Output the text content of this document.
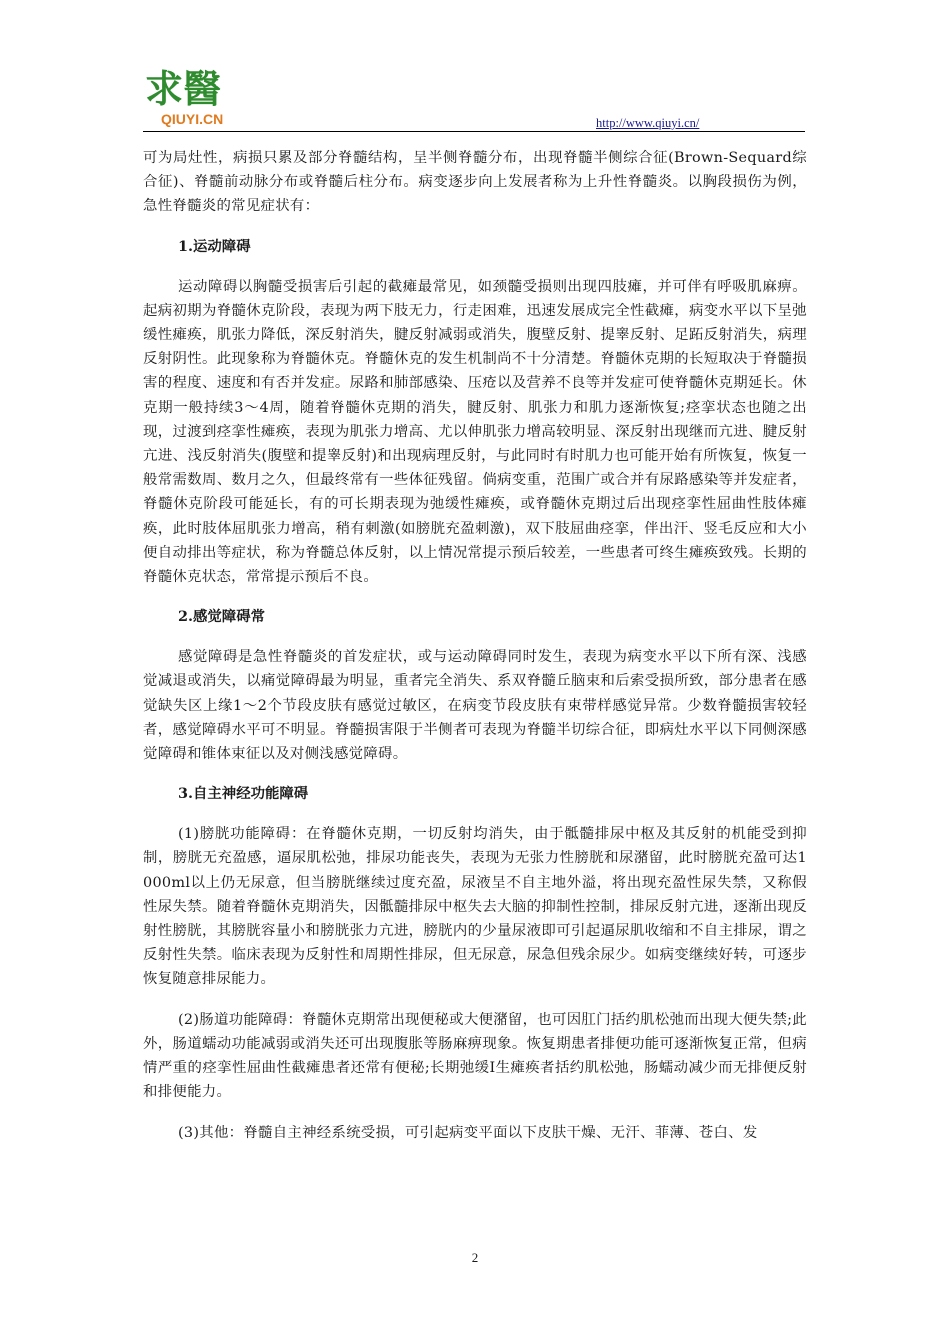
求醫
QIUYI.CN	http://www.qiuyi.cn/

可为局灶性，病损只累及部分脊髓结构，呈半侧脊髓分布，出现脊髓半侧综合征(Brown-Sequard综合征)、脊髓前动脉分布或脊髓后柱分布。病变逐步向上发展者称为上升性脊髓炎。以胸段损伤为例，急性脊髓炎的常见症状有：

1.运动障碍

运动障碍以胸髓受损害后引起的截瘫最常见，如颈髓受损则出现四肢瘫，并可伴有呼吸肌麻痹。起病初期为脊髓休克阶段，表现为两下肢无力，行走困难，迅速发展成完全性截瘫，病变水平以下呈弛缓性瘫痪，肌张力降低，深反射消失，腱反射减弱或消失，腹壁反射、提睾反射、足跖反射消失，病理反射阴性。此现象称为脊髓休克。脊髓休克的发生机制尚不十分清楚。脊髓休克期的长短取决于脊髓损害的程度、速度和有否并发症。尿路和肺部感染、压疮以及营养不良等并发症可使脊髓休克期延长。休克期一般持续3～4周，随着脊髓休克期的消失，腱反射、肌张力和肌力逐渐恢复;痉挛状态也随之出现，过渡到痉挛性瘫痪，表现为肌张力增高、尤以伸肌张力增高较明显、深反射出现继而亢进、腱反射亢进、浅反射消失(腹壁和提睾反射)和出现病理反射，与此同时有时肌力也可能开始有所恢复，恢复一般常需数周、数月之久，但最终常有一些体征残留。倘病变重，范围广或合并有尿路感染等并发症者，脊髓休克阶段可能延长，有的可长期表现为弛缓性瘫痪，或脊髓休克期过后出现痉挛性屈曲性肢体瘫痪，此时肢体屈肌张力增高，稍有刺激(如膀胱充盈刺激)，双下肢屈曲痉挛，伴出汗、竖毛反应和大小便自动排出等症状，称为脊髓总体反射，以上情况常提示预后较差，一些患者可终生瘫痪致残。长期的脊髓休克状态，常常提示预后不良。

2.感觉障碍常

感觉障碍是急性脊髓炎的首发症状，或与运动障碍同时发生，表现为病变水平以下所有深、浅感觉减退或消失，以痛觉障碍最为明显，重者完全消失、系双脊髓丘脑束和后索受损所致，部分患者在感觉缺失区上缘1～2个节段皮肤有感觉过敏区，在病变节段皮肤有束带样感觉异常。少数脊髓损害较轻者，感觉障碍水平可不明显。脊髓损害限于半侧者可表现为脊髓半切综合征，即病灶水平以下同侧深感觉障碍和锥体束征以及对侧浅感觉障碍。

3.自主神经功能障碍

(1)膀胱功能障碍：在脊髓休克期，一切反射均消失，由于骶髓排尿中枢及其反射的机能受到抑制，膀胱无充盈感，逼尿肌松弛，排尿功能丧失，表现为无张力性膀胱和尿潴留，此时膀胱充盈可达1 000ml以上仍无尿意，但当膀胱继续过度充盈，尿液呈不自主地外溢，将出现充盈性尿失禁，又称假性尿失禁。随着脊髓休克期消失，因骶髓排尿中枢失去大脑的抑制性控制，排尿反射亢进，逐渐出现反射性膀胱，其膀胱容量小和膀胱张力亢进，膀胱内的少量尿液即可引起逼尿肌收缩和不自主排尿，谓之反射性失禁。临床表现为反射性和周期性排尿，但无尿意，尿急但残余尿少。如病变继续好转，可逐步恢复随意排尿能力。

(2)肠道功能障碍：脊髓休克期常出现便秘或大便潴留，也可因肛门括约肌松弛而出现大便失禁;此外，肠道蠕动功能减弱或消失还可出现腹胀等肠麻痹现象。恢复期患者排便功能可逐渐恢复正常，但病情严重的痉挛性屈曲性截瘫患者还常有便秘;长期弛缓Ⅰ生瘫痪者括约肌松弛，肠蠕动减少而无排便反射和排便能力。

(3)其他：脊髓自主神经系统受损，可引起病变平面以下皮肤干燥、无汗、菲薄、苍白、发

2
